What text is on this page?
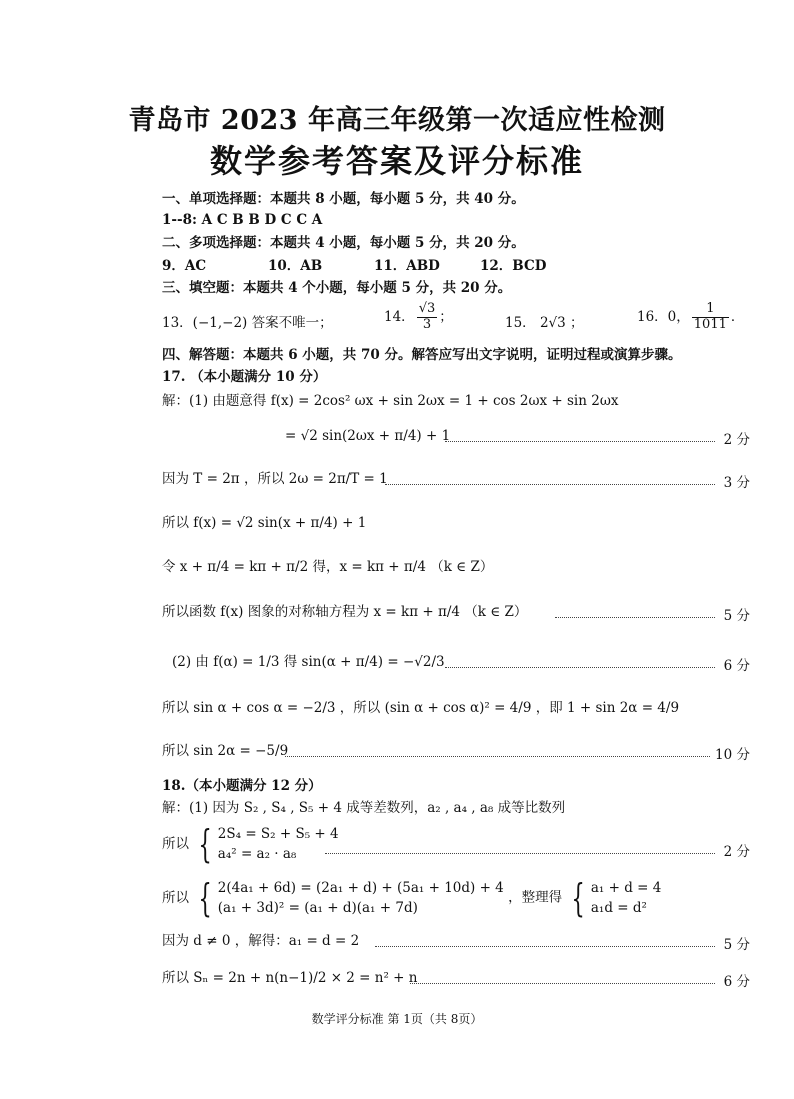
青岛市 2023 年高三年级第一次适应性检测
数学参考答案及评分标准
一、单项选择题：本题共 8 小题，每小题 5 分，共 40 分。
1--8: A C B B D C C A
二、多项选择题：本题共 4 小题，每小题 5 分，共 20 分。
9．AC	10．AB	11．ABD	12．BCD
三、填空题：本题共 4 个小题，每小题 5 分，共 20 分。
13．(−1,−2) 答案不唯一；	14． $\frac{√3}{3}$ ；	15． 2√3 ；	16．0， $\frac{1}{1011}$ ．
四、解答题：本题共 6 小题，共 70 分。解答应写出文字说明，证明过程或演算步骤。
17. （本小题满分 10 分）
解：(1) 由题意得 f(x) = 2cos² ωx + sin 2ωx = 1 + cos 2ωx + sin 2ωx
= √2 sin(2ωx + π/4) + 1	2 分
因为 T = 2π ，所以 2ω = 2π/T = 1	3 分
所以 f(x) = √2 sin(x + π/4) + 1
令 x + π/4 = kπ + π/2 得，x = kπ + π/4 （k ∈ Z）
所以函数 f(x) 图象的对称轴方程为 x = kπ + π/4 （k ∈ Z）	5 分
(2) 由 f(α) = 1/3 得 sin(α + π/4) = −√2/3	6 分
所以 sin α + cos α = −2/3 ，所以 (sin α + cos α)² = 4/9 ，即 1 + sin 2α = 4/9
所以 sin 2α = −5/9	10 分
18.（本小题满分 12 分）
解：(1) 因为 S₂ , S₄ , S₅ + 4 成等差数列，a₂ , a₄ , a₈ 成等比数列
所以 { 2S₄ = S₂ + S₅ + 4
a₄² = a₂ · a₈	2 分
所以 { 2(4a₁ + 6d) = (2a₁ + d) + (5a₁ + 10d) + 4
(a₁ + 3d)² = (a₁ + d)(a₁ + 7d)
，整理得 { a₁ + d = 4
a₁d = d²
因为 d ≠ 0 ，解得：a₁ = d = 2	5 分
所以 Sₙ = 2n + n(n−1)/2 × 2 = n² + n	6 分
数学评分标准 第 1页（共 8页）
